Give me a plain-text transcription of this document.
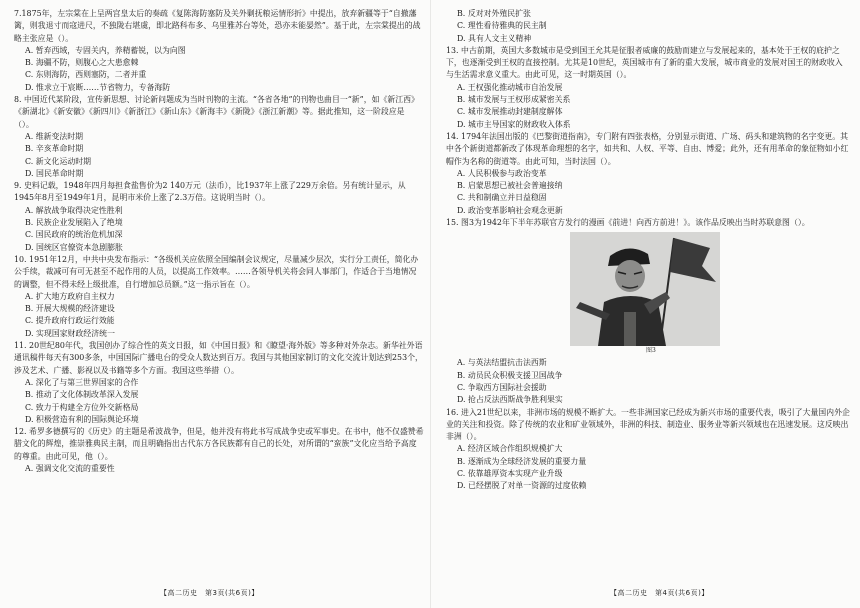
7.1875年，左宗棠在上呈两宫皇太后的奏疏《复陈海防塞防及关外剿抚粮运情形折》中提出，放弃新疆等于“自撤藩篱，则我退寸而寇进尺，不独陇右堪虞，即北路科布多、乌里雅苏台等处，恐亦未能晏然”。基于此，左宗棠提出的战略主张应是（）。

A. 暂弃西域，专固关内，养精蓄锐，以为向图

B. 海疆不防，则腹心之大患愈棘

C. 东则海防，西则塞防，二者并重

D. 惟求立于宸断……节省物力，专备海防

8. 中国近代某阶段，宣传新思想、讨论新问题成为当时刊物的主流。“各省各地”的刊物也曲目一“新”，如《新江西》《新湖北》《新安徽》《新四川》《新浙江》《新山东》《新海丰》《新陇》《浙江新潮》等。据此推知，这一阶段应是（）。

A. 维新变法时期

B. 辛亥革命时期

C. 新文化运动时期

D. 国民革命时期

9. 史料记载，1948年四月每担食盐售价为2 140万元（法币），比1937年上涨了229万余倍。另有统计显示，从1945年8月至1949年1月，昆明市米价上涨了2.3万倍。这说明当时（）。

A. 解放战争取得决定性胜利

B. 民族企业发展陷入了绝境

C. 国民政府的统治危机加深

D. 国统区官僚资本急剧膨胀

10. 1951年12月，中共中央发布指示：“各级机关应依照全国编制会议规定，尽量减少层次，实行分工责任，简化办公手续，裁减可有可无甚至不起作用的人员，以提高工作效率。……各领导机关将会同人事部门，作适合于当地情况的调整，但不得未经上级批准，自行增加总员额。”这一指示旨在（）。

A. 扩大地方政府自主权力

B. 开展大规模的经济建设

C. 提升政府行政运行效能

D. 实现国家财政经济统一

11. 20世纪80年代，我国创办了综合性的英文日报，如《中国日报》和《瞭望·海外版》等多种对外杂志。新华社外语通讯稿件每天有300多条，中国国际广播电台的受众人数达到百万。我国与其他国家制订的文化交流计划达到253个，涉及艺术、广播、影视以及书籍等多个方面。我国这些举措（）。

A. 深化了与第三世界国家的合作

B. 推动了文化体制改革深入发展

C. 致力于构建全方位外交新格局

D. 积极营造有利的国际舆论环境

12. 希罗多德撰写的《历史》的主题是希波战争，但是，他并没有将此书写成战争史或军事史。在书中，他不仅盛赞希腊文化的辉煌，推崇雅典民主制，而且明确指出古代东方各民族都有自己的长处，对所谓的“蛮族”文化应当给予高度的尊重。由此可见，他（）。

A. 强调文化交流的重要性

B. 反对对外殖民扩张

C. 理性看待雅典的民主制

D. 具有人文主义精神

13. 中古前期，英国大多数城市是受到国王允其是征服者威廉的鼓励而建立与发展起来的，基本处于王权的庇护之下，也逐渐受到王权的直接控制。尤其是10世纪，英国城市有了新的重大发展，城市商业的发展对国王的财政收入与生活需求意义重大。由此可见，这一时期英国（）。

A. 王权强化推动城市自治发展

B. 城市发展与王权形成紧密关系

C. 城市发展推动封建制度解体

D. 城市主导国家的财政收入体系

14. 1794年法国出版的《巴黎街道指南》，专门附有四张表格，分别显示街道、广场、码头和建筑物的名字变更。其中各个新街道都新改了体现革命理想的名字，如共和、人权、平等、自由、博爱；此外，还有用革命的象征物如小红帽作为名称的街道等。由此可知，当时法国（）。

A. 人民积极参与政治变革

B. 启蒙思想已被社会普遍接纳

C. 共和制确立并日益稳固

D. 政治变革影响社会观念更新

15. 图3为1942年下半年苏联官方发行的漫画《前进！向西方前进！》。该作品反映出当时苏联意图（）。

图3

A. 与英法结盟抗击法西斯

B. 动员民众积极支援卫国战争

C. 争取西方国际社会援助

D. 抢占反法西斯战争胜利果实

16. 进入21世纪以来，非洲市场的规模不断扩大。一些非洲国家已经成为新兴市场的重要代表，吸引了大量国内外企业的关注和投资。除了传统的农业和矿业领域外，非洲的科技、制造业、服务业等新兴领域也在迅速发展。这反映出非洲（）。

A. 经济区域合作组织规模扩大

B. 逐渐成为全球经济发展的重要力量

C. 依靠雄厚资本实现产业升级

D. 已经摆脱了对单一资源的过度依赖

【高二历史　第3页(共6页)】	【高二历史　第4页(共6页)】
